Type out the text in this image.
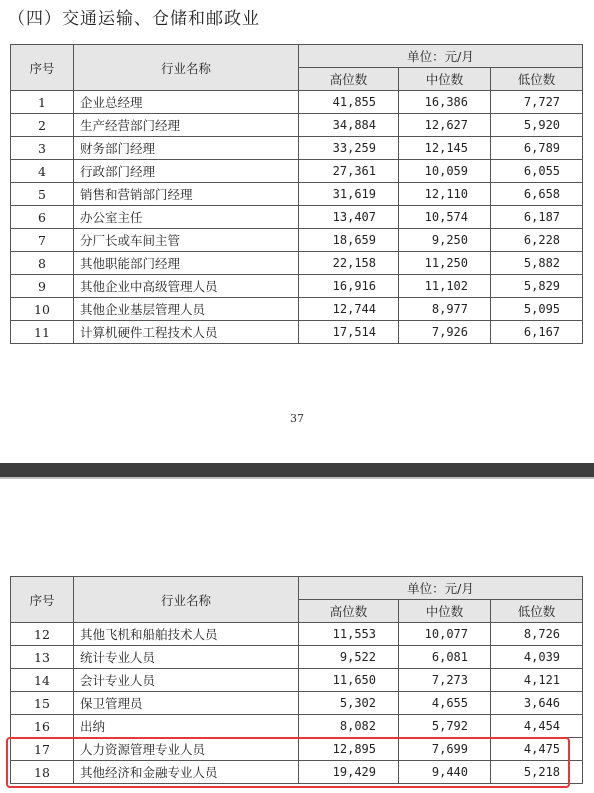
（四）交通运输、仓储和邮政业
序号	行业名称	单位：元/月		
		高位数	中位数	低位数
1	企业总经理	41,855	16,386	7,727
2	生产经营部门经理	34,884	12,627	5,920
3	财务部门经理	33,259	12,145	6,789
4	行政部门经理	27,361	10,059	6,055
5	销售和营销部门经理	31,619	12,110	6,658
6	办公室主任	13,407	10,574	6,187
7	分厂长或车间主管	18,659	9,250	6,228
8	其他职能部门经理	22,158	11,250	5,882
9	其他企业中高级管理人员	16,916	11,102	5,829
10	其他企业基层管理人员	12,744	8,977	5,095
11	计算机硬件工程技术人员	17,514	7,926	6,167
37
序号	行业名称	单位：元/月		
		高位数	中位数	低位数
12	其他飞机和船舶技术人员	11,553	10,077	8,726
13	统计专业人员	9,522	6,081	4,039
14	会计专业人员	11,650	7,273	4,121
15	保卫管理员	5,302	4,655	3,646
16	出纳	8,082	5,792	4,454
17	人力资源管理专业人员	12,895	7,699	4,475
18	其他经济和金融专业人员	19,429	9,440	5,218
